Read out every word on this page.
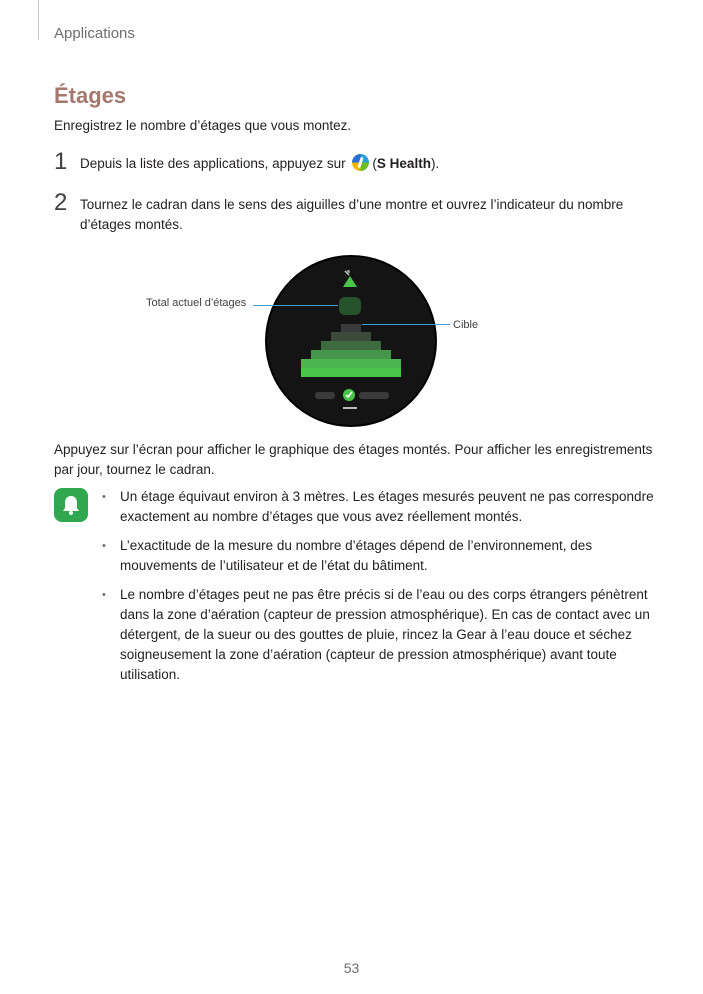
Applications
Étages
Enregistrez le nombre d’étages que vous montez.
1 Depuis la liste des applications, appuyez sur (S Health).
2 Tournez le cadran dans le sens des aiguilles d’une montre et ouvrez l’indicateur du nombre d’étages montés.
Total actuel d’étages
Cible
Appuyez sur l’écran pour afficher le graphique des étages montés. Pour afficher les enregistrements par jour, tournez le cadran.
• Un étage équivaut environ à 3 mètres. Les étages mesurés peuvent ne pas correspondre exactement au nombre d’étages que vous avez réellement montés.
• L’exactitude de la mesure du nombre d’étages dépend de l’environnement, des mouvements de l’utilisateur et de l’état du bâtiment.
• Le nombre d’étages peut ne pas être précis si de l’eau ou des corps étrangers pénètrent dans la zone d’aération (capteur de pression atmosphérique). En cas de contact avec un détergent, de la sueur ou des gouttes de pluie, rincez la Gear à l’eau douce et séchez soigneusement la zone d’aération (capteur de pression atmosphérique) avant toute utilisation.
53
